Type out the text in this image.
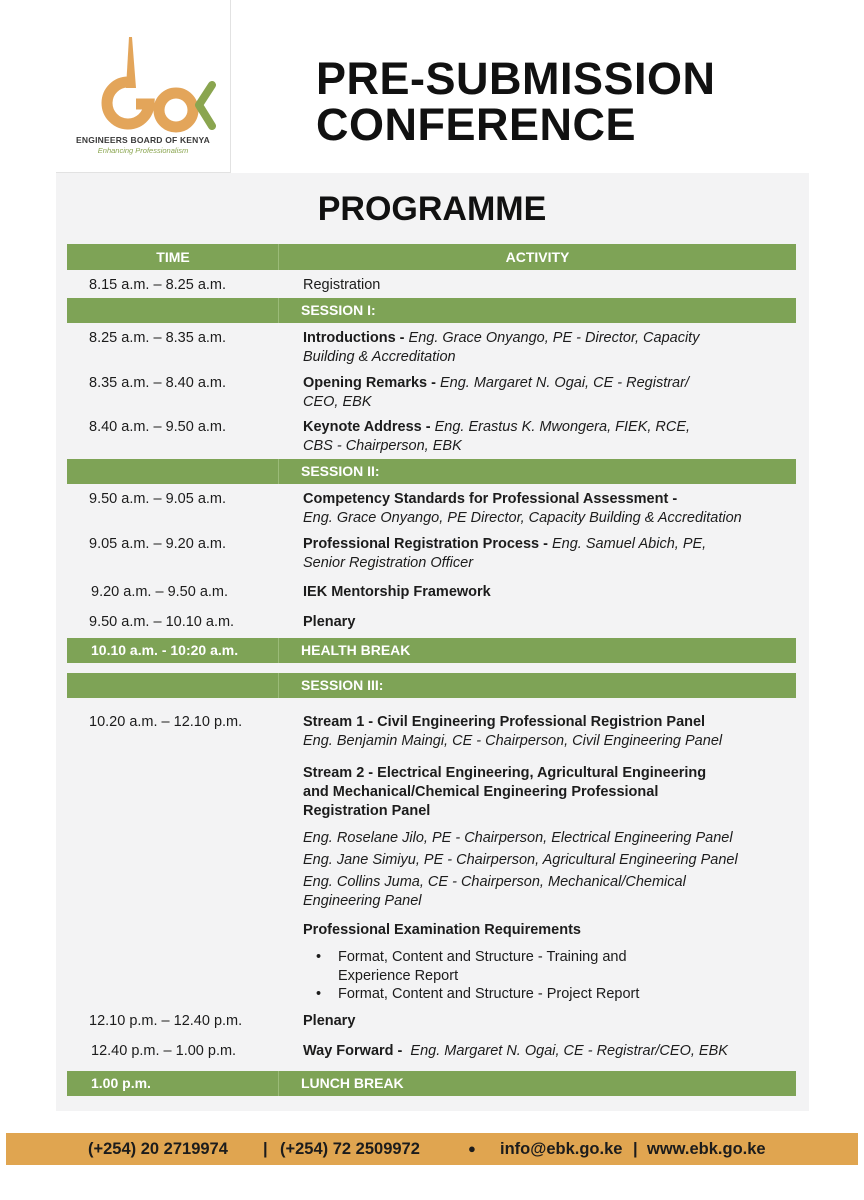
ENGINEERS BOARD OF KENYA
Enhancing Professionalism
PRE-SUBMISSION
CONFERENCE
PROGRAMME
TIME	ACTIVITY
8.15 a.m. – 8.25 a.m.	Registration
SESSION I:
8.25 a.m. – 8.35 a.m.	Introductions - Eng. Grace Onyango, PE - Director, Capacity
Building & Accreditation
8.35 a.m. – 8.40 a.m.	Opening Remarks - Eng. Margaret N. Ogai, CE - Registrar/
CEO, EBK
8.40 a.m. – 9.50 a.m.	Keynote Address - Eng. Erastus K. Mwongera, FIEK, RCE,
CBS - Chairperson, EBK
SESSION II:
9.50 a.m. – 9.05 a.m.	Competency Standards for Professional Assessment -
Eng. Grace Onyango, PE Director, Capacity Building & Accreditation
9.05 a.m. – 9.20 a.m.	Professional Registration Process - Eng. Samuel Abich, PE,
Senior Registration Officer
9.20 a.m. – 9.50 a.m.	IEK Mentorship Framework
9.50 a.m. – 10.10 a.m.	Plenary
10.10 a.m. - 10:20 a.m.	HEALTH BREAK
SESSION III:
10.20 a.m. – 12.10 p.m.	Stream 1 - Civil Engineering Professional Registrion Panel
Eng. Benjamin Maingi, CE - Chairperson, Civil Engineering Panel
Stream 2 - Electrical Engineering, Agricultural Engineering
and Mechanical/Chemical Engineering Professional
Registration Panel
Eng. Roselane Jilo, PE - Chairperson, Electrical Engineering Panel
Eng. Jane Simiyu, PE - Chairperson, Agricultural Engineering Panel
Eng. Collins Juma, CE - Chairperson, Mechanical/Chemical
Engineering Panel
Professional Examination Requirements
• Format, Content and Structure - Training and
Experience Report
• Format, Content and Structure - Project Report
12.10 p.m. – 12.40 p.m.	Plenary
12.40 p.m. – 1.00 p.m.	Way Forward -  Eng. Margaret N. Ogai, CE - Registrar/CEO, EBK
1.00 p.m.	LUNCH BREAK
(+254) 20 2719974 | (+254) 72 2509972	● info@ebk.go.ke | www.ebk.go.ke
